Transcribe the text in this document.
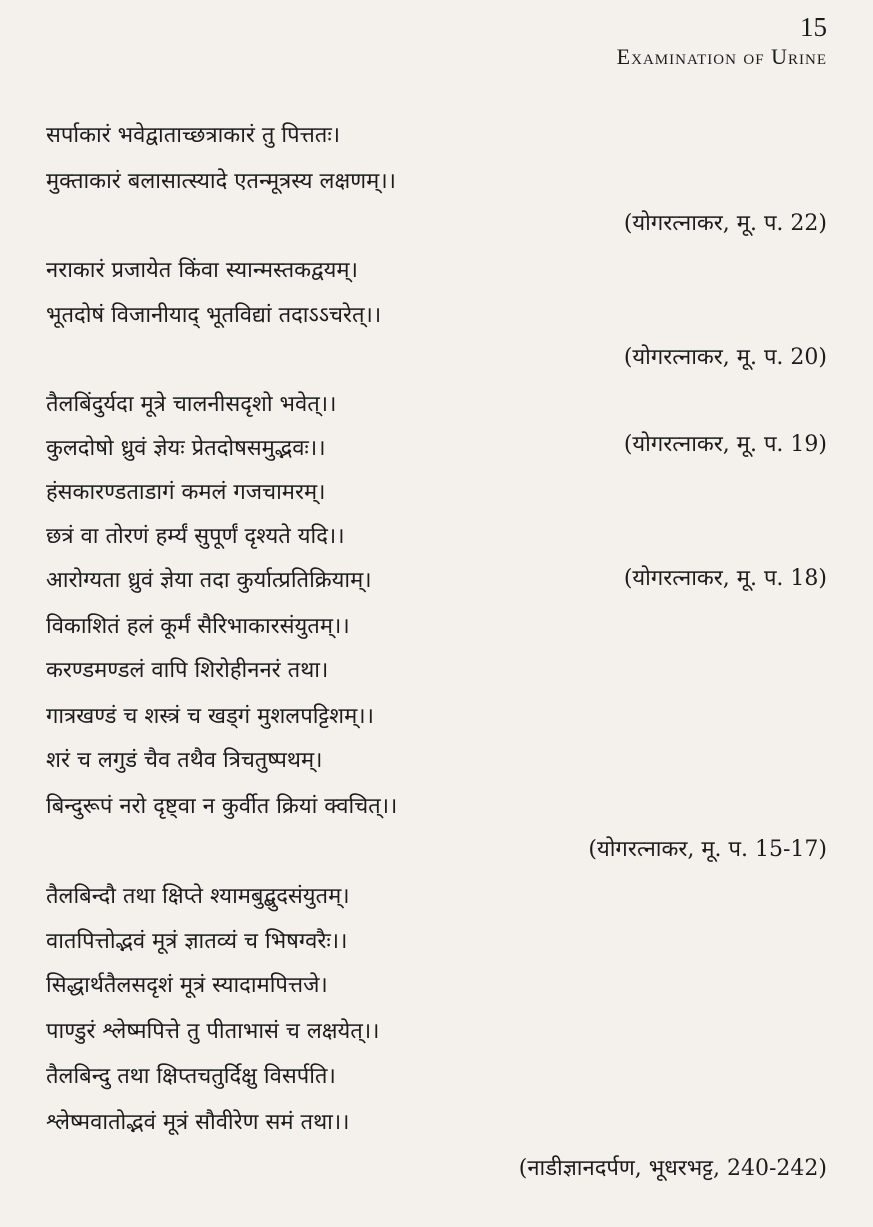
15
Examination of Urine
सर्पाकारं भवेद्वाताच्छत्राकारं तु पित्ततः।
मुक्ताकारं बलासात्स्यादे एतन्मूत्रस्य लक्षणम्।।
(योगरत्नाकर, मू. प. 22)
नराकारं प्रजायेत किंवा स्यान्मस्तकद्वयम्।
भूतदोषं विजानीयाद् भूतविद्यां तदाऽऽचरेत्।।
(योगरत्नाकर, मू. प. 20)
तैलबिंदुर्यदा मूत्रे चालनीसदृशो भवेत्।।
कुलदोषो ध्रुवं ज्ञेयः प्रेतदोषसमुद्भवः।।	(योगरत्नाकर, मू. प. 19)
हंसकारण्डताडागं कमलं गजचामरम्।
छत्रं वा तोरणं हर्म्यं सुपूर्णं दृश्यते यदि।।
आरोग्यता ध्रुवं ज्ञेया तदा कुर्यात्प्रतिक्रियाम्।	(योगरत्नाकर, मू. प. 18)
विकाशितं हलं कूर्मं सैरिभाकारसंयुतम्।।
करण्डमण्डलं वापि शिरोहीननरं तथा।
गात्रखण्डं च शस्त्रं च खड्गं मुशलपट्टिशम्।।
शरं च लगुडं चैव तथैव त्रिचतुष्पथम्।
बिन्दुरूपं नरो दृष्ट्वा न कुर्वीत क्रियां क्वचित्।।
(योगरत्नाकर, मू. प. 15-17)
तैलबिन्दौ तथा क्षिप्ते श्यामबुद्बुदसंयुतम्।
वातपित्तोद्भवं मूत्रं ज्ञातव्यं च भिषग्वरैः।।
सिद्धार्थतैलसदृशं मूत्रं स्यादामपित्तजे।
पाण्डुरं श्लेष्मपित्ते तु पीताभासं च लक्षयेत्।।
तैलबिन्दु तथा क्षिप्तचतुर्दिक्षु विसर्पति।
श्लेष्मवातोद्भवं मूत्रं सौवीरेण समं तथा।।
(नाडीज्ञानदर्पण, भूधरभट्ट, 240-242)
